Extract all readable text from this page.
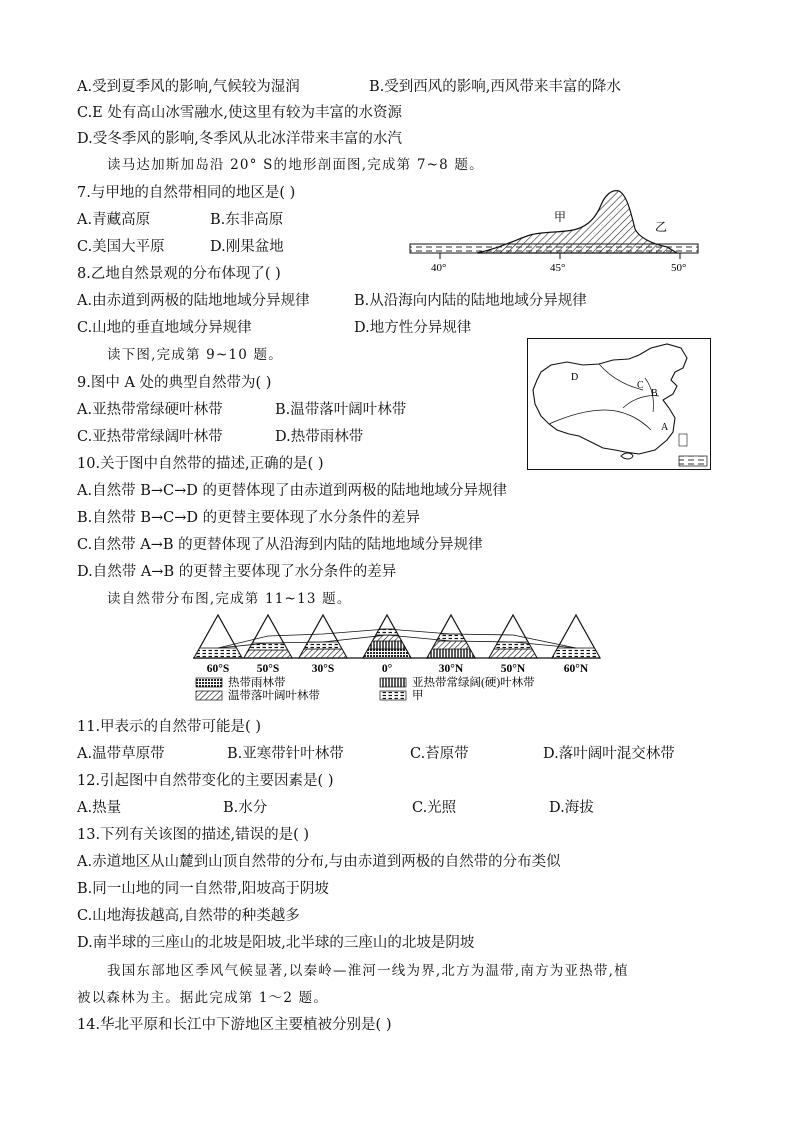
A.受到夏季风的影响,气候较为湿润	B.受到西风的影响,西风带来丰富的降水
C.E 处有高山冰雪融水,使这里有较为丰富的水资源
D.受冬季风的影响,冬季风从北冰洋带来丰富的水汽
读马达加斯加岛沿 20° S的地形剖面图,完成第 7~8 题。
7.与甲地的自然带相同的地区是( )
A.青藏高原	B.东非高原
C.美国大平原	D.刚果盆地
甲
乙
40°	45°	50°
8.乙地自然景观的分布体现了( )
A.由赤道到两极的陆地地域分异规律	B.从沿海向内陆的陆地地域分异规律
C.山地的垂直地域分异规律	D.地方性分异规律
读下图,完成第 9~10 题。
D
C
B
A
9.图中 A 处的典型自然带为( )
A.亚热带常绿硬叶林带	B.温带落叶阔叶林带
C.亚热带常绿阔叶林带	D.热带雨林带
10.关于图中自然带的描述,正确的是( )
A.自然带 B→C→D 的更替体现了由赤道到两极的陆地地域分异规律
B.自然带 B→C→D 的更替主要体现了水分条件的差异
C.自然带 A→B 的更替体现了从沿海到内陆的陆地地域分异规律
D.自然带 A→B 的更替主要体现了水分条件的差异
读自然带分布图,完成第 11~13 题。
60°S 50°S	30°S	0°	30°N	50°N	60°N
热带雨林带	亚热带常绿阔(硬)叶林带
温带落叶阔叶林带	甲
11.甲表示的自然带可能是( )
A.温带草原带	B.亚寒带针叶林带	C.苔原带	D.落叶阔叶混交林带
12.引起图中自然带变化的主要因素是( )
A.热量	B.水分	C.光照	D.海拔
13.下列有关该图的描述,错误的是( )
A.赤道地区从山麓到山顶自然带的分布,与由赤道到两极的自然带的分布类似
B.同一山地的同一自然带,阳坡高于阴坡
C.山地海拔越高,自然带的种类越多
D.南半球的三座山的北坡是阳坡,北半球的三座山的北坡是阴坡
我国东部地区季风气候显著,以秦岭—淮河一线为界,北方为温带,南方为亚热带,植
被以森林为主。据此完成第 1～2 题。
14.华北平原和长江中下游地区主要植被分别是( )
